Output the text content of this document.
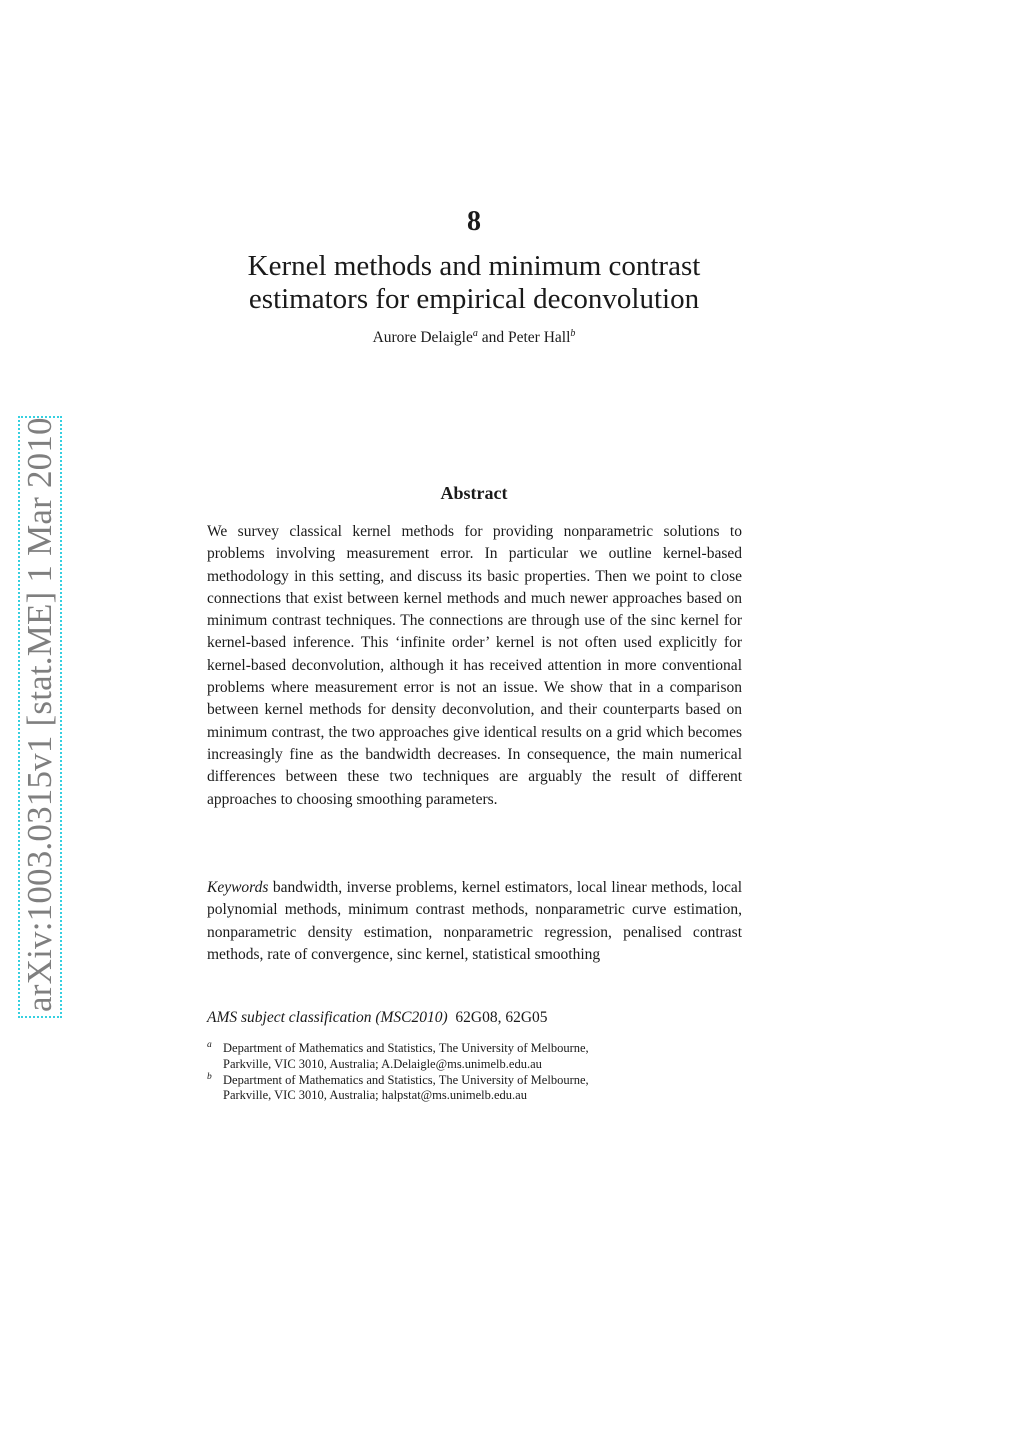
arXiv:1003.0315v1 [stat.ME] 1 Mar 2010
8
Kernel methods and minimum contrast
estimators for empirical deconvolution
Aurore Delaigle$^a$ and Peter Hall$^b$
Abstract
We survey classical kernel methods for providing nonparametric solutions to problems involving measurement error. In particular we outline kernel-based methodology in this setting, and discuss its basic properties. Then we point to close connections that exist between kernel methods and much newer approaches based on minimum contrast techniques. The connections are through use of the sinc kernel for kernel-based inference. This ‘infinite order’ kernel is not often used explicitly for kernel-based deconvolution, although it has received attention in more conventional problems where measurement error is not an issue. We show that in a comparison between kernel methods for density deconvolution, and their counterparts based on minimum contrast, the two approaches give identical results on a grid which becomes increasingly fine as the bandwidth decreases. In consequence, the main numerical differences between these two techniques are arguably the result of different approaches to choosing smoothing parameters.
Keywords bandwidth, inverse problems, kernel estimators, local linear methods, local polynomial methods, minimum contrast methods, nonparametric curve estimation, nonparametric density estimation, nonparametric regression, penalised contrast methods, rate of convergence, sinc kernel, statistical smoothing
AMS subject classification (MSC2010) 62G08, 62G05
a Department of Mathematics and Statistics, The University of Melbourne,
Parkville, VIC 3010, Australia; A.Delaigle@ms.unimelb.edu.au
b Department of Mathematics and Statistics, The University of Melbourne,
Parkville, VIC 3010, Australia; halpstat@ms.unimelb.edu.au
